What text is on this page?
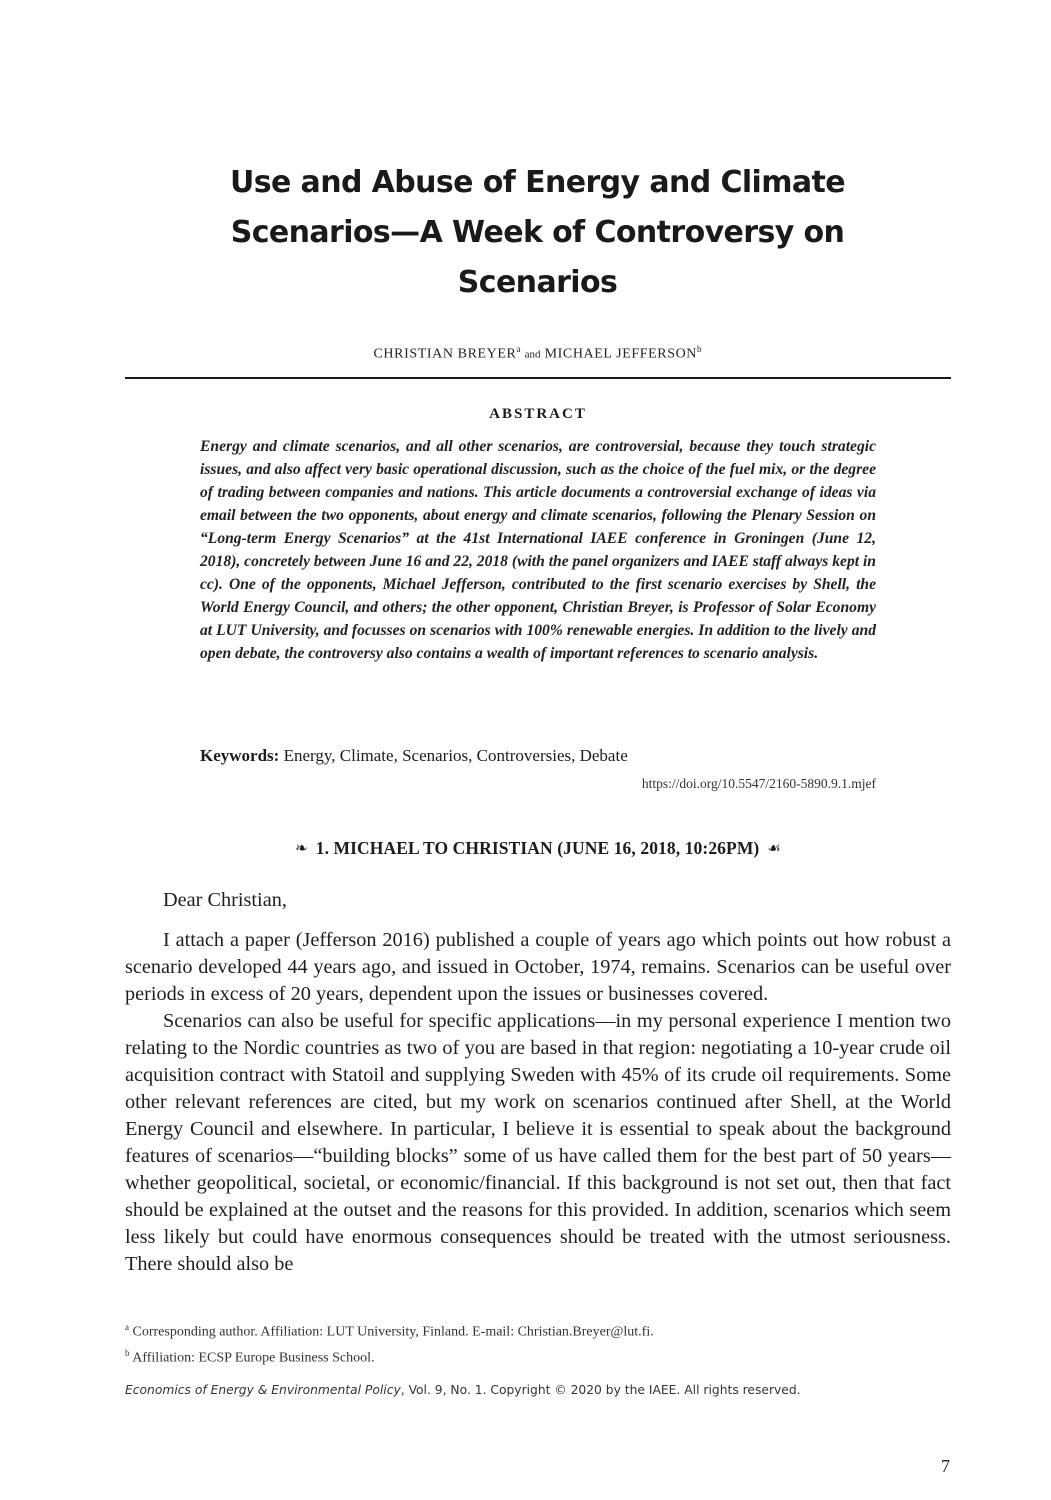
Use and Abuse of Energy and Climate
Scenarios—A Week of Controversy on
Scenarios
CHRISTIAN BREYER$^a$ and MICHAEL JEFFERSON$^b$
ABSTRACT
Energy and climate scenarios, and all other scenarios, are controversial, because they touch strategic issues, and also affect very basic operational discussion, such as the choice of the fuel mix, or the degree of trading between companies and nations. This article documents a controversial exchange of ideas via email between the two opponents, about energy and climate scenarios, following the Plenary Session on “Long-term Energy Scenarios” at the 41st International IAEE conference in Groningen (June 12, 2018), concretely between June 16 and 22, 2018 (with the panel organizers and IAEE staff always kept in cc). One of the opponents, Michael Jefferson, contributed to the first scenario exercises by Shell, the World Energy Council, and others; the other opponent, Christian Breyer, is Professor of Solar Economy at LUT University, and focusses on scenarios with 100% renewable energies. In addition to the lively and open debate, the controversy also contains a wealth of important references to scenario analysis.
Keywords: Energy, Climate, Scenarios, Controversies, Debate
https://doi.org/10.5547/2160-5890.9.1.mjef
❧ 1. MICHAEL TO CHRISTIAN (JUNE 16, 2018, 10:26PM) ☙

Dear Christian,

I attach a paper (Jefferson 2016) published a couple of years ago which points out how robust a scenario developed 44 years ago, and issued in October, 1974, remains. Scenarios can be useful over periods in excess of 20 years, dependent upon the issues or businesses covered.

Scenarios can also be useful for specific applications—in my personal experience I mention two relating to the Nordic countries as two of you are based in that region: negotiating a 10-year crude oil acquisition contract with Statoil and supplying Sweden with 45% of its crude oil requirements. Some other relevant references are cited, but my work on scenarios continued after Shell, at the World Energy Council and elsewhere. In particular, I believe it is essential to speak about the background features of scenarios—“building blocks” some of us have called them for the best part of 50 years—whether geopolitical, societal, or economic/financial. If this background is not set out, then that fact should be explained at the outset and the reasons for this provided. In addition, scenarios which seem less likely but could have enormous consequences should be treated with the utmost seriousness. There should also be

$^a$ Corresponding author. Affiliation: LUT University, Finland. E-mail: Christian.Breyer@lut.fi.
$^b$ Affiliation: ECSP Europe Business School.
Economics of Energy & Environmental Policy, Vol. 9, No. 1. Copyright © 2020 by the IAEE. All rights reserved.
7
